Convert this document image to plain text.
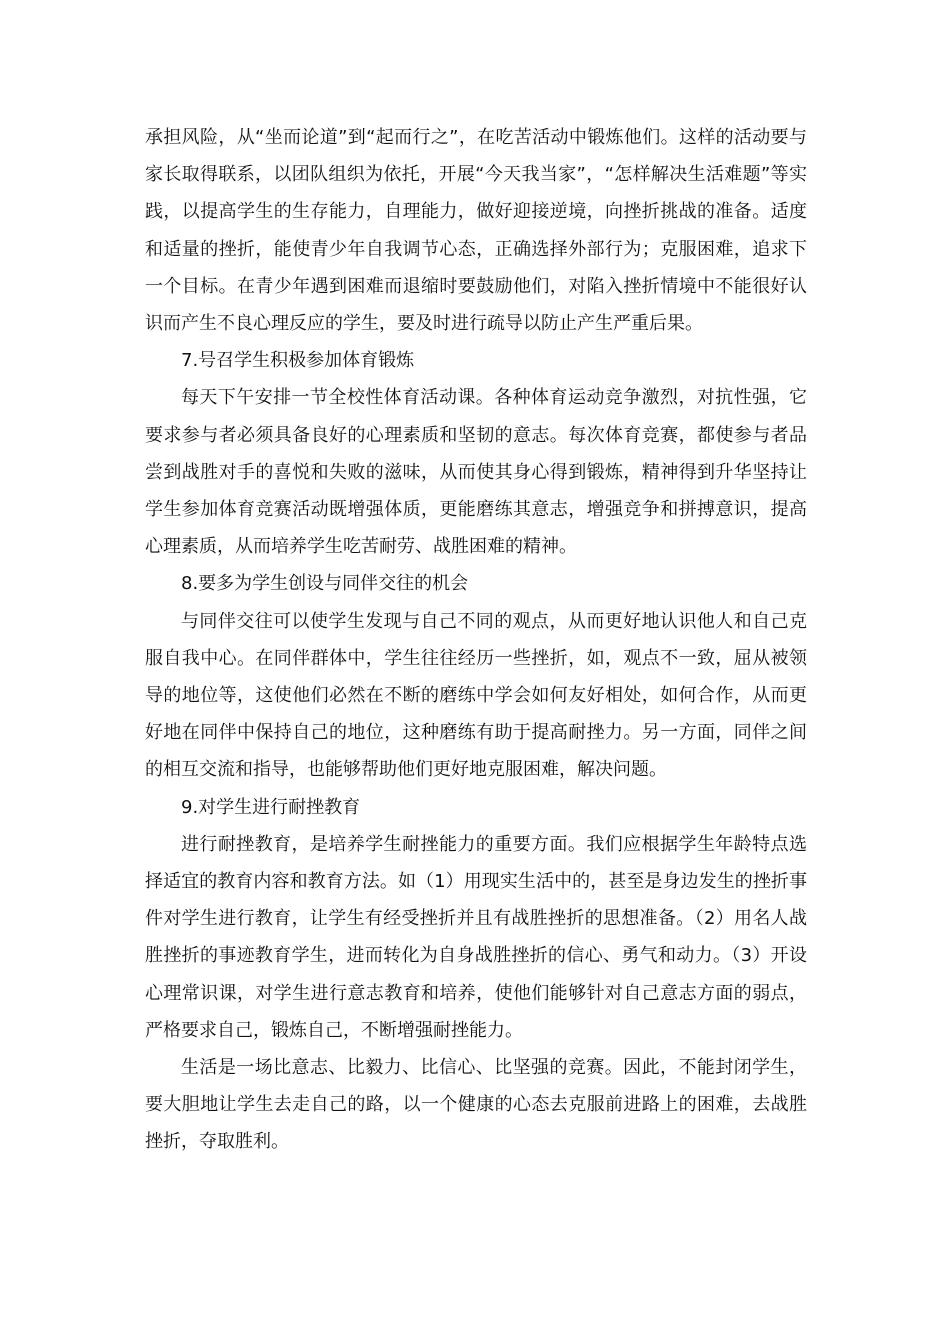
承担风险，从“坐而论道”到“起而行之”，在吃苦活动中锻炼他们。这样的活动要与家长取得联系，以团队组织为依托，开展“今天我当家”，“怎样解决生活难题”等实践，以提高学生的生存能力，自理能力，做好迎接逆境，向挫折挑战的准备。适度和适量的挫折，能使青少年自我调节心态，正确选择外部行为；克服困难，追求下一个目标。在青少年遇到困难而退缩时要鼓励他们，对陷入挫折情境中不能很好认识而产生不良心理反应的学生，要及时进行疏导以防止产生严重后果。

7.号召学生积极参加体育锻炼

每天下午安排一节全校性体育活动课。各种体育运动竞争激烈，对抗性强，它要求参与者必须具备良好的心理素质和坚韧的意志。每次体育竞赛，都使参与者品尝到战胜对手的喜悦和失败的滋味，从而使其身心得到锻炼，精神得到升华坚持让学生参加体育竞赛活动既增强体质，更能磨练其意志，增强竞争和拼搏意识，提高心理素质，从而培养学生吃苦耐劳、战胜困难的精神。

8.要多为学生创设与同伴交往的机会

与同伴交往可以使学生发现与自己不同的观点，从而更好地认识他人和自己克服自我中心。在同伴群体中，学生往往经历一些挫折，如，观点不一致，屈从被领导的地位等，这使他们必然在不断的磨练中学会如何友好相处，如何合作，从而更好地在同伴中保持自己的地位，这种磨练有助于提高耐挫力。另一方面，同伴之间的相互交流和指导，也能够帮助他们更好地克服困难，解决问题。

9.对学生进行耐挫教育

进行耐挫教育，是培养学生耐挫能力的重要方面。我们应根据学生年龄特点选择适宜的教育内容和教育方法。如（1）用现实生活中的，甚至是身边发生的挫折事件对学生进行教育，让学生有经受挫折并且有战胜挫折的思想准备。（2）用名人战胜挫折的事迹教育学生，进而转化为自身战胜挫折的信心、勇气和动力。（3）开设心理常识课，对学生进行意志教育和培养，使他们能够针对自己意志方面的弱点，严格要求自己，锻炼自己，不断增强耐挫能力。

生活是一场比意志、比毅力、比信心、比坚强的竞赛。因此，不能封闭学生，要大胆地让学生去走自己的路，以一个健康的心态去克服前进路上的困难，去战胜挫折，夺取胜利。
